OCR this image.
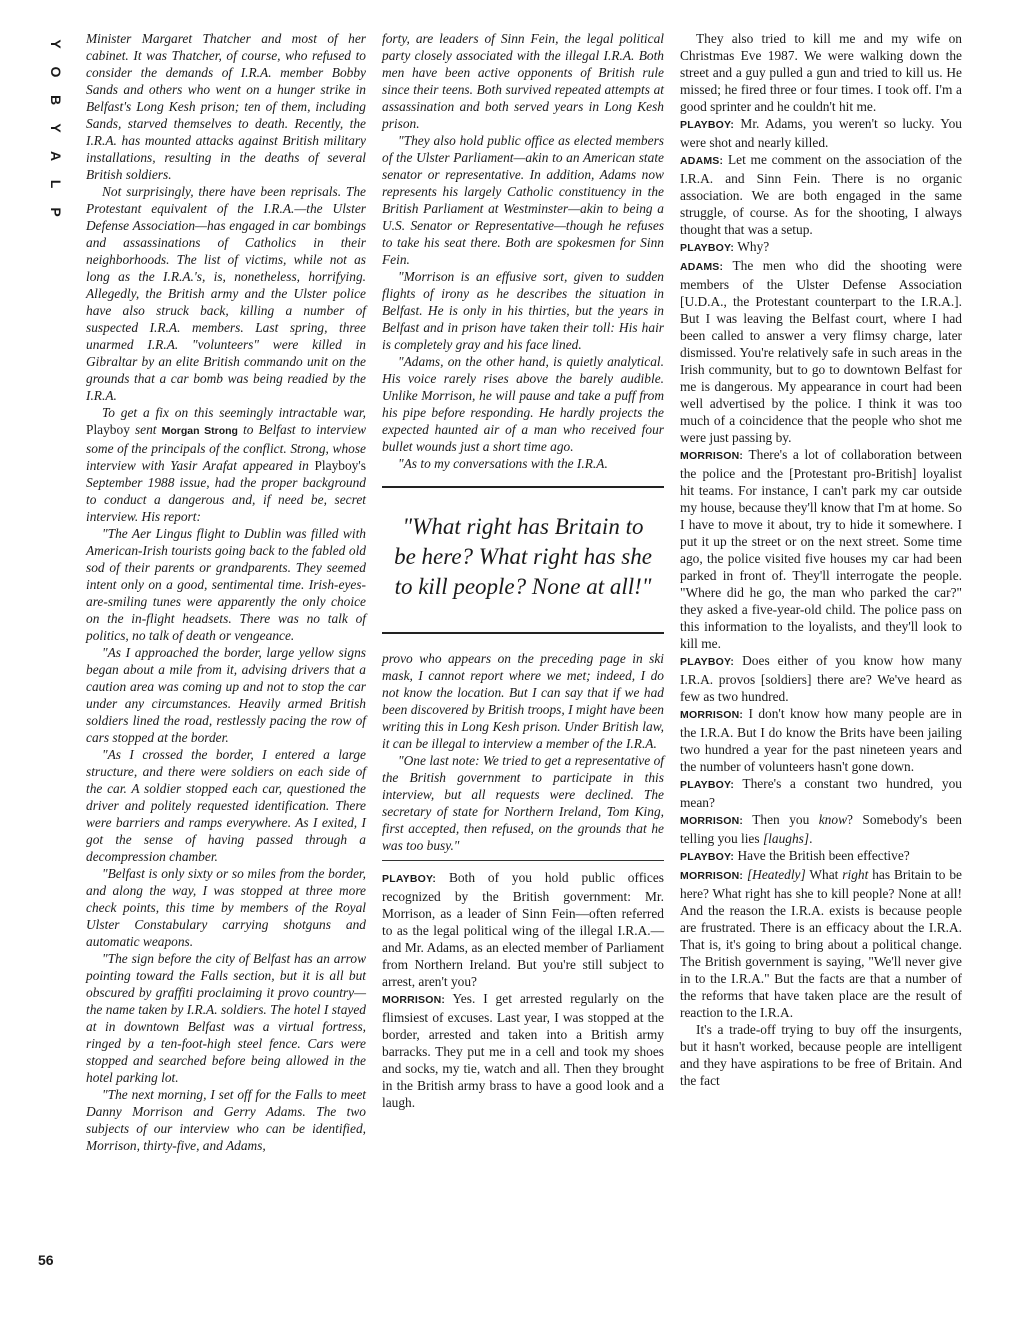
Y
O
B
Y
A
L
P
56

Minister Margaret Thatcher and most of her cabinet. It was Thatcher, of course, who refused to consider the demands of I.R.A. member Bobby Sands and others who went on a hunger strike in Belfast's Long Kesh prison; ten of them, including Sands, starved themselves to death. Recently, the I.R.A. has mounted attacks against British military installations, resulting in the deaths of several British soldiers.

Not surprisingly, there have been reprisals. The Protestant equivalent of the I.R.A.—the Ulster Defense Association—has engaged in car bombings and assassinations of Catholics in their neighborhoods. The list of victims, while not as long as the I.R.A.'s, is, nonetheless, horrifying. Allegedly, the British army and the Ulster police have also struck back, killing a number of suspected I.R.A. members. Last spring, three unarmed I.R.A. "volunteers" were killed in Gibraltar by an elite British commando unit on the grounds that a car bomb was being readied by the I.R.A.

To get a fix on this seemingly intractable war, Playboy sent Morgan Strong to Belfast to interview some of the principals of the conflict. Strong, whose interview with Yasir Arafat appeared in Playboy's September 1988 issue, had the proper background to conduct a dangerous and, if need be, secret interview. His report:

"The Aer Lingus flight to Dublin was filled with American-Irish tourists going back to the fabled old sod of their parents or grandparents. They seemed intent only on a good, sentimental time. Irish-eyes-are-smiling tunes were apparently the only choice on the in-flight headsets. There was no talk of politics, no talk of death or vengeance.

"As I approached the border, large yellow signs began about a mile from it, advising drivers that a caution area was coming up and not to stop the car under any circumstances. Heavily armed British soldiers lined the road, restlessly pacing the row of cars stopped at the border.

"As I crossed the border, I entered a large structure, and there were soldiers on each side of the car. A soldier stopped each car, questioned the driver and politely requested identification. There were barriers and ramps everywhere. As I exited, I got the sense of having passed through a decompression chamber.

"Belfast is only sixty or so miles from the border, and along the way, I was stopped at three more check points, this time by members of the Royal Ulster Constabulary carrying shotguns and automatic weapons.

"The sign before the city of Belfast has an arrow pointing toward the Falls section, but it is all but obscured by graffiti proclaiming it provo country—the name taken by I.R.A. soldiers. The hotel I stayed at in downtown Belfast was a virtual fortress, ringed by a ten-foot-high steel fence. Cars were stopped and searched before being allowed in the hotel parking lot.

"The next morning, I set off for the Falls to meet Danny Morrison and Gerry Adams. The two subjects of our interview who can be identified, Morrison, thirty-five, and Adams,

forty, are leaders of Sinn Fein, the legal political party closely associated with the illegal I.R.A. Both men have been active opponents of British rule since their teens. Both survived repeated attempts at assassination and both served years in Long Kesh prison.

"They also hold public office as elected members of the Ulster Parliament—akin to an American state senator or representative. In addition, Adams now represents his largely Catholic constituency in the British Parliament at Westminster—akin to being a U.S. Senator or Representative—though he refuses to take his seat there. Both are spokesmen for Sinn Fein.

"Morrison is an effusive sort, given to sudden flights of irony as he describes the situation in Belfast. He is only in his thirties, but the years in Belfast and in prison have taken their toll: His hair is completely gray and his face lined.

"Adams, on the other hand, is quietly analytical. His voice rarely rises above the barely audible. Unlike Morrison, he will pause and take a puff from his pipe before responding. He hardly projects the expected haunted air of a man who received four bullet wounds just a short time ago.

"As to my conversations with the I.R.A.

"What right has Britain to be here? What right has she to kill people? None at all!"

provo who appears on the preceding page in ski mask, I cannot report where we met; indeed, I do not know the location. But I can say that if we had been discovered by British troops, I might have been writing this in Long Kesh prison. Under British law, it can be illegal to interview a member of the I.R.A.

"One last note: We tried to get a representative of the British government to participate in this interview, but all requests were declined. The secretary of state for Northern Ireland, Tom King, first accepted, then refused, on the grounds that he was too busy."

PLAYBOY: Both of you hold public offices recognized by the British government: Mr. Morrison, as a leader of Sinn Fein—often referred to as the legal political wing of the illegal I.R.A.—and Mr. Adams, as an elected member of Parliament from Northern Ireland. But you're still subject to arrest, aren't you?

MORRISON: Yes. I get arrested regularly on the flimsiest of excuses. Last year, I was stopped at the border, arrested and taken into a British army barracks. They put me in a cell and took my shoes and socks, my tie, watch and all. Then they brought in the British army brass to have a good look and a laugh.

They also tried to kill me and my wife on Christmas Eve 1987. We were walking down the street and a guy pulled a gun and tried to kill us. He missed; he fired three or four times. I took off. I'm a good sprinter and he couldn't hit me.

PLAYBOY: Mr. Adams, you weren't so lucky. You were shot and nearly killed.

ADAMS: Let me comment on the association of the I.R.A. and Sinn Fein. There is no organic association. We are both engaged in the same struggle, of course. As for the shooting, I always thought that was a setup.

PLAYBOY: Why?

ADAMS: The men who did the shooting were members of the Ulster Defense Association [U.D.A., the Protestant counterpart to the I.R.A.]. But I was leaving the Belfast court, where I had been called to answer a very flimsy charge, later dismissed. You're relatively safe in such areas in the Irish community, but to go to downtown Belfast for me is dangerous. My appearance in court had been well advertised by the police. I think it was too much of a coincidence that the people who shot me were just passing by.

MORRISON: There's a lot of collaboration between the police and the [Protestant pro-British] loyalist hit teams. For instance, I can't park my car outside my house, because they'll know that I'm at home. So I have to move it about, try to hide it somewhere. I put it up the street or on the next street. Some time ago, the police visited five houses my car had been parked in front of. They'll interrogate the people. "Where did he go, the man who parked the car?" they asked a five-year-old child. The police pass on this information to the loyalists, and they'll look to kill me.

PLAYBOY: Does either of you know how many I.R.A. provos [soldiers] there are? We've heard as few as two hundred.

MORRISON: I don't know how many people are in the I.R.A. But I do know the Brits have been jailing two hundred a year for the past nineteen years and the number of volunteers hasn't gone down.

PLAYBOY: There's a constant two hundred, you mean?

MORRISON: Then you know? Somebody's been telling you lies [laughs].

PLAYBOY: Have the British been effective?

MORRISON: [Heatedly] What right has Britain to be here? What right has she to kill people? None at all! And the reason the I.R.A. exists is because people are frustrated. There is an efficacy about the I.R.A. That is, it's going to bring about a political change. The British government is saying, "We'll never give in to the I.R.A." But the facts are that a number of the reforms that have taken place are the result of reaction to the I.R.A.

It's a trade-off trying to buy off the insurgents, but it hasn't worked, because people are intelligent and they have aspirations to be free of Britain. And the fact
